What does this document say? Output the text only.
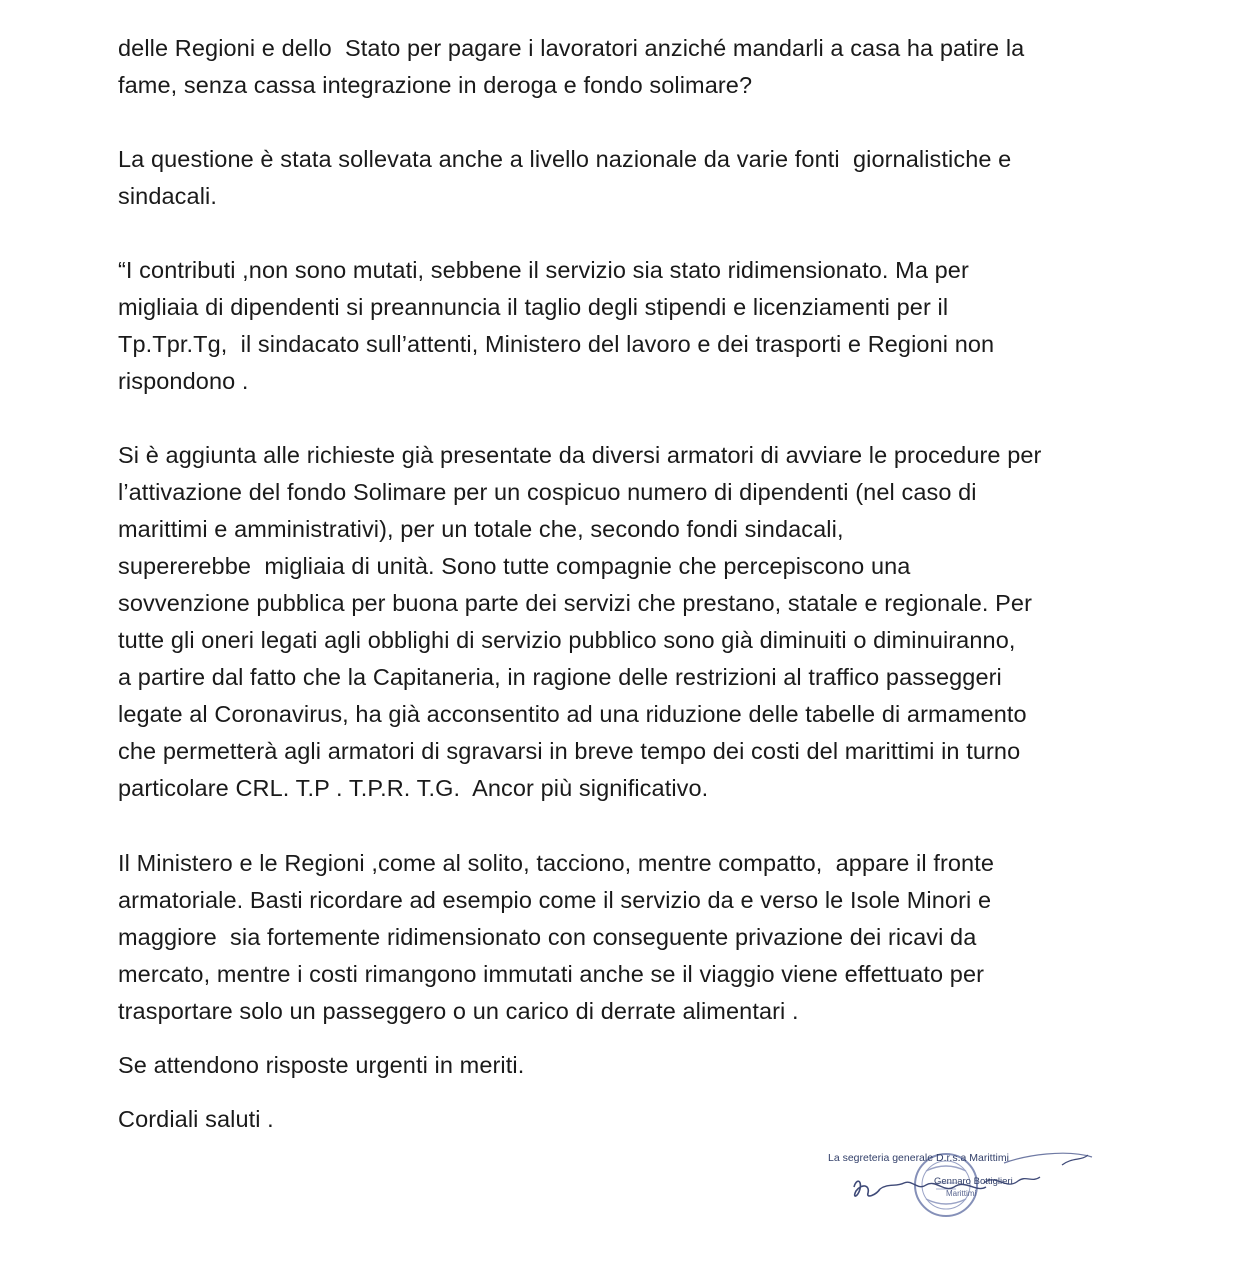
delle Regioni e dello  Stato per pagare i lavoratori anziché mandarli a casa ha patire la
fame, senza cassa integrazione in deroga e fondo solimare?
La questione è stata sollevata anche a livello nazionale da varie fonti  giornalistiche e
sindacali.
“I contributi ,non sono mutati, sebbene il servizio sia stato ridimensionato. Ma per
migliaia di dipendenti si preannuncia il taglio degli stipendi e licenziamenti per il
Tp.Tpr.Tg,  il sindacato sull’attenti, Ministero del lavoro e dei trasporti e Regioni non
rispondono .
Si è aggiunta alle richieste già presentate da diversi armatori di avviare le procedure per
l’attivazione del fondo Solimare per un cospicuo numero di dipendenti (nel caso di
marittimi e amministrativi), per un totale che, secondo fondi sindacali,
supererebbe  migliaia di unità. Sono tutte compagnie che percepiscono una
sovvenzione pubblica per buona parte dei servizi che prestano, statale e regionale. Per
tutte gli oneri legati agli obblighi di servizio pubblico sono già diminuiti o diminuiranno,
a partire dal fatto che la Capitaneria, in ragione delle restrizioni al traffico passeggeri
legate al Coronavirus, ha già acconsentito ad una riduzione delle tabelle di armamento
che permetterà agli armatori di sgravarsi in breve tempo dei costi del marittimi in turno
particolare CRL. T.P . T.P.R. T.G.  Ancor più significativo.
Il Ministero e le Regioni ,come al solito, tacciono, mentre compatto,  appare il fronte
armatoriale. Basti ricordare ad esempio come il servizio da e verso le Isole Minori e
maggiore  sia fortemente ridimensionato con conseguente privazione dei ricavi da
mercato, mentre i costi rimangono immutati anche se il viaggio viene effettuato per
trasportare solo un passeggero o un carico di derrate alimentari .
Se attendono risposte urgenti in meriti.
Cordiali saluti .
La segreteria generale D.r.s.a Marittimi
Gennaro Bottiglieri
Marittimi
